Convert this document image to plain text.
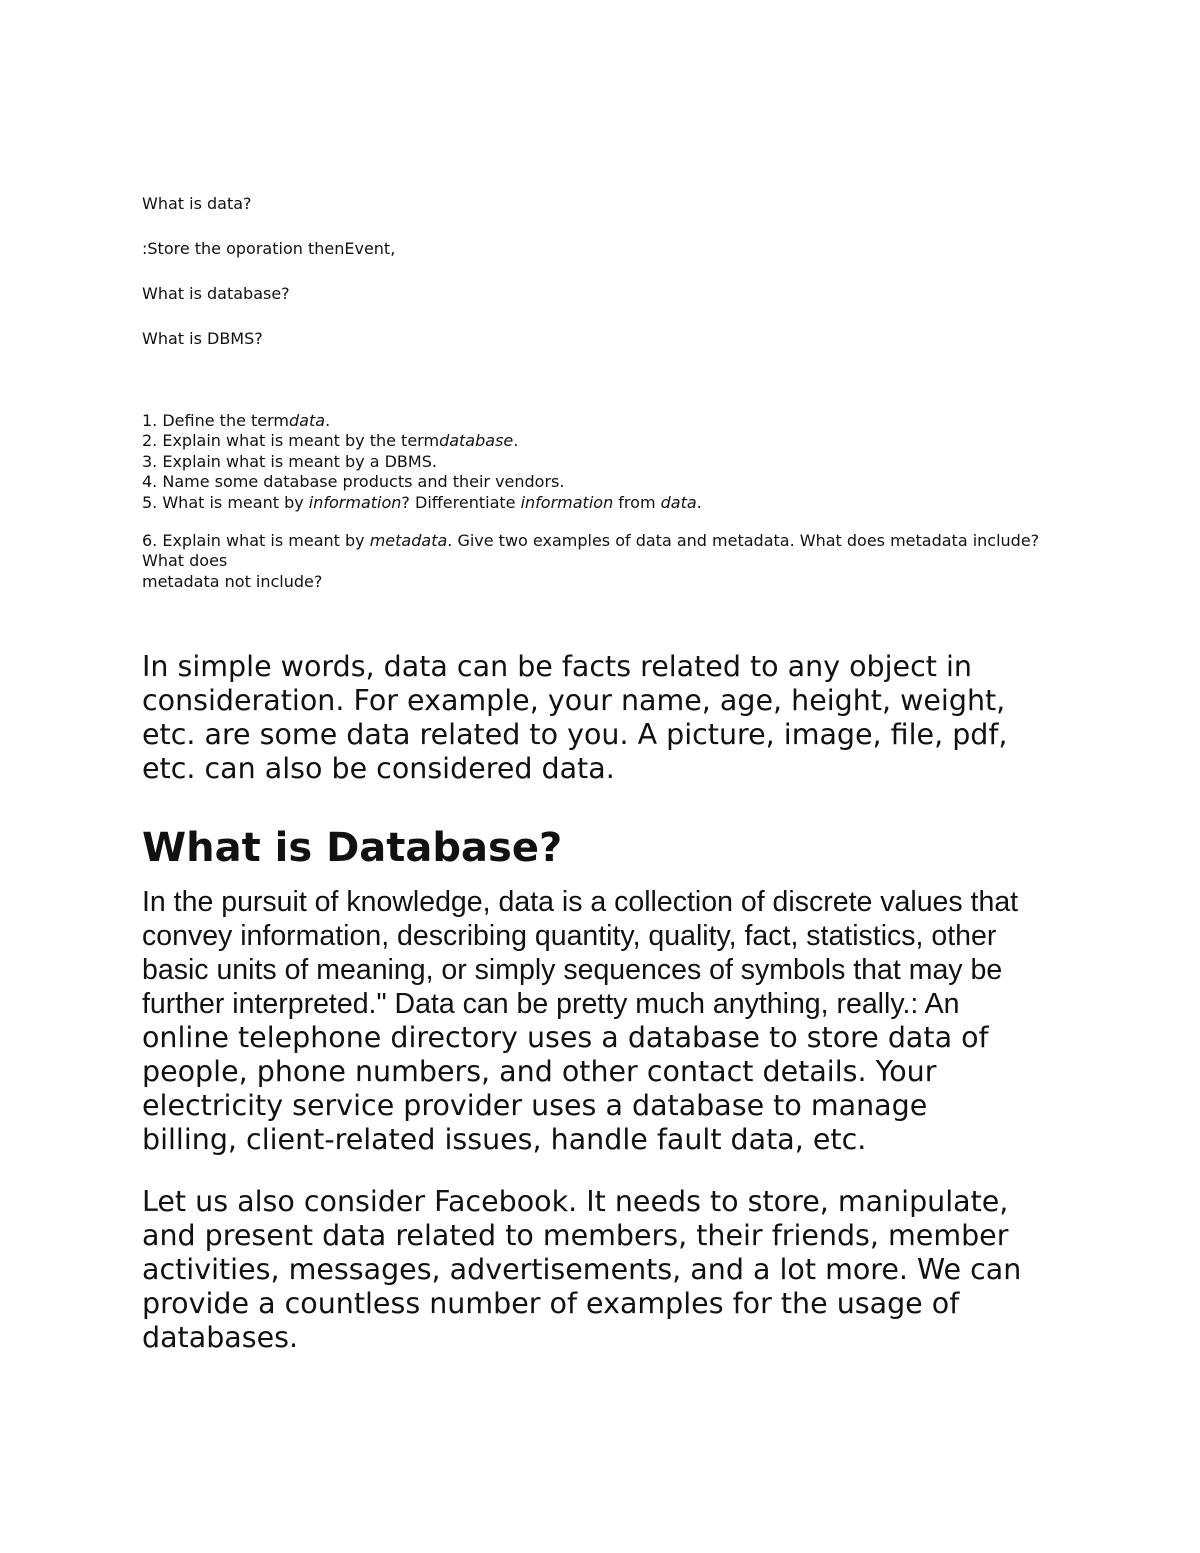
What is data?
:Store the oporation thenEvent,
What is database?
What is DBMS?
1. Define the termdata.
2. Explain what is meant by the termdatabase.
3. Explain what is meant by a DBMS.
4. Name some database products and their vendors.
5. What is meant by information? Differentiate information from data.
6. Explain what is meant by metadata. Give two examples of data and metadata. What does metadata include? What does
metadata not include?
In simple words, data can be facts related to any object in
consideration. For example, your name, age, height, weight,
etc. are some data related to you. A picture, image, file, pdf,
etc. can also be considered data.
What is Database?
In the pursuit of knowledge, data is a collection of discrete values that
convey information, describing quantity, quality, fact, statistics, other
basic units of meaning, or simply sequences of symbols that may be
further interpreted." Data can be pretty much anything, really.: An
online telephone directory uses a database to store data of
people, phone numbers, and other contact details. Your
electricity service provider uses a database to manage
billing, client-related issues, handle fault data, etc.
Let us also consider Facebook. It needs to store, manipulate,
and present data related to members, their friends, member
activities, messages, advertisements, and a lot more. We can
provide a countless number of examples for the usage of
databases.
